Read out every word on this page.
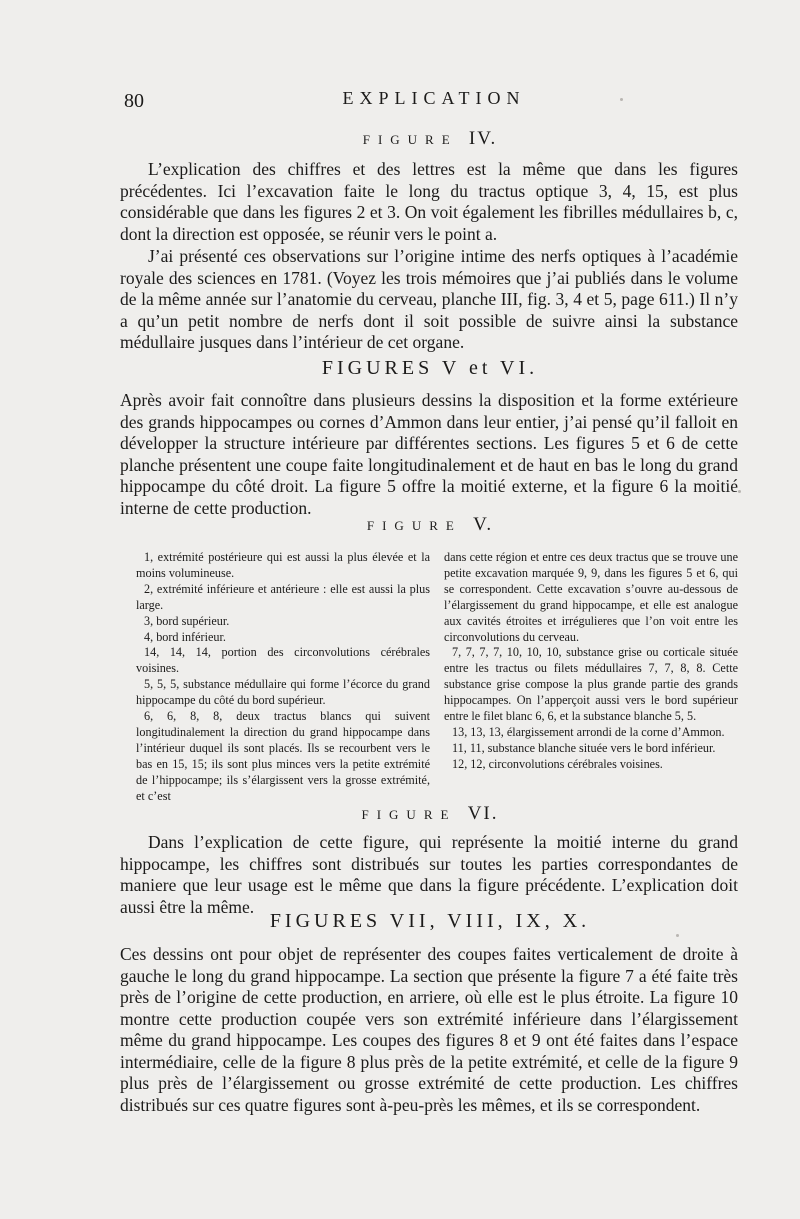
80	EXPLICATION
FIGURE IV.

L’explication des chiffres et des lettres est la même que dans les figures précédentes. Ici l’excavation faite le long du tractus optique 3, 4, 15, est plus considérable que dans les figures 2 et 3. On voit également les fibrilles médullaires b, c, dont la direction est opposée, se réunir vers le point a.

J’ai présenté ces observations sur l’origine intime des nerfs optiques à l’académie royale des sciences en 1781. (Voyez les trois mémoires que j’ai publiés dans le volume de la même année sur l’anatomie du cerveau, planche III, fig. 3, 4 et 5, page 611.) Il n’y a qu’un petit nombre de nerfs dont il soit possible de suivre ainsi la substance médullaire jusques dans l’intérieur de cet organe.

FIGURES V et VI.

Après avoir fait connoître dans plusieurs dessins la disposition et la forme extérieure des grands hippocampes ou cornes d’Ammon dans leur entier, j’ai pensé qu’il falloit en développer la structure intérieure par différentes sections. Les figures 5 et 6 de cette planche présentent une coupe faite longitudinalement et de haut en bas le long du grand hippocampe du côté droit. La figure 5 offre la moitié externe, et la figure 6 la moitié interne de cette production.

FIGURE V.

1, extrémité postérieure qui est aussi la plus élevée et la moins volumineuse.

2, extrémité inférieure et antérieure : elle est aussi la plus large.

3, bord supérieur.

4, bord inférieur.

14, 14, 14, portion des circonvolutions cérébrales voisines.

5, 5, 5, substance médullaire qui forme l’écorce du grand hippocampe du côté du bord supérieur.

6, 6, 8, 8, deux tractus blancs qui suivent longitudinalement la direction du grand hippocampe dans l’intérieur duquel ils sont placés. Ils se recourbent vers le bas en 15, 15; ils sont plus minces vers la petite extrémité de l’hippocampe; ils s’élargissent vers la grosse extrémité, et c’est

dans cette région et entre ces deux tractus que se trouve une petite excavation marquée 9, 9, dans les figures 5 et 6, qui se correspondent. Cette excavation s’ouvre au-dessous de l’élargissement du grand hippocampe, et elle est analogue aux cavités étroites et irrégulieres que l’on voit entre les circonvolutions du cerveau.

7, 7, 7, 7, 10, 10, 10, substance grise ou corticale située entre les tractus ou filets médullaires 7, 7, 8, 8. Cette substance grise compose la plus grande partie des grands hippocampes. On l’apperçoit aussi vers le bord supérieur entre le filet blanc 6, 6, et la substance blanche 5, 5.

13, 13, 13, élargissement arrondi de la corne d’Ammon.

11, 11, substance blanche située vers le bord inférieur.

12, 12, circonvolutions cérébrales voisines.

FIGURE VI.

Dans l’explication de cette figure, qui représente la moitié interne du grand hippocampe, les chiffres sont distribués sur toutes les parties correspondantes de maniere que leur usage est le même que dans la figure précédente. L’explication doit aussi être la même.

FIGURES VII, VIII, IX, X.

Ces dessins ont pour objet de représenter des coupes faites verticalement de droite à gauche le long du grand hippocampe. La section que présente la figure 7 a été faite très près de l’origine de cette production, en arriere, où elle est le plus étroite. La figure 10 montre cette production coupée vers son extrémité inférieure dans l’élargissement même du grand hippocampe. Les coupes des figures 8 et 9 ont été faites dans l’espace intermédiaire, celle de la figure 8 plus près de la petite extrémité, et celle de la figure 9 plus près de l’élargissement ou grosse extrémité de cette production. Les chiffres distribués sur ces quatre figures sont à-peu-près les mêmes, et ils se correspondent.
